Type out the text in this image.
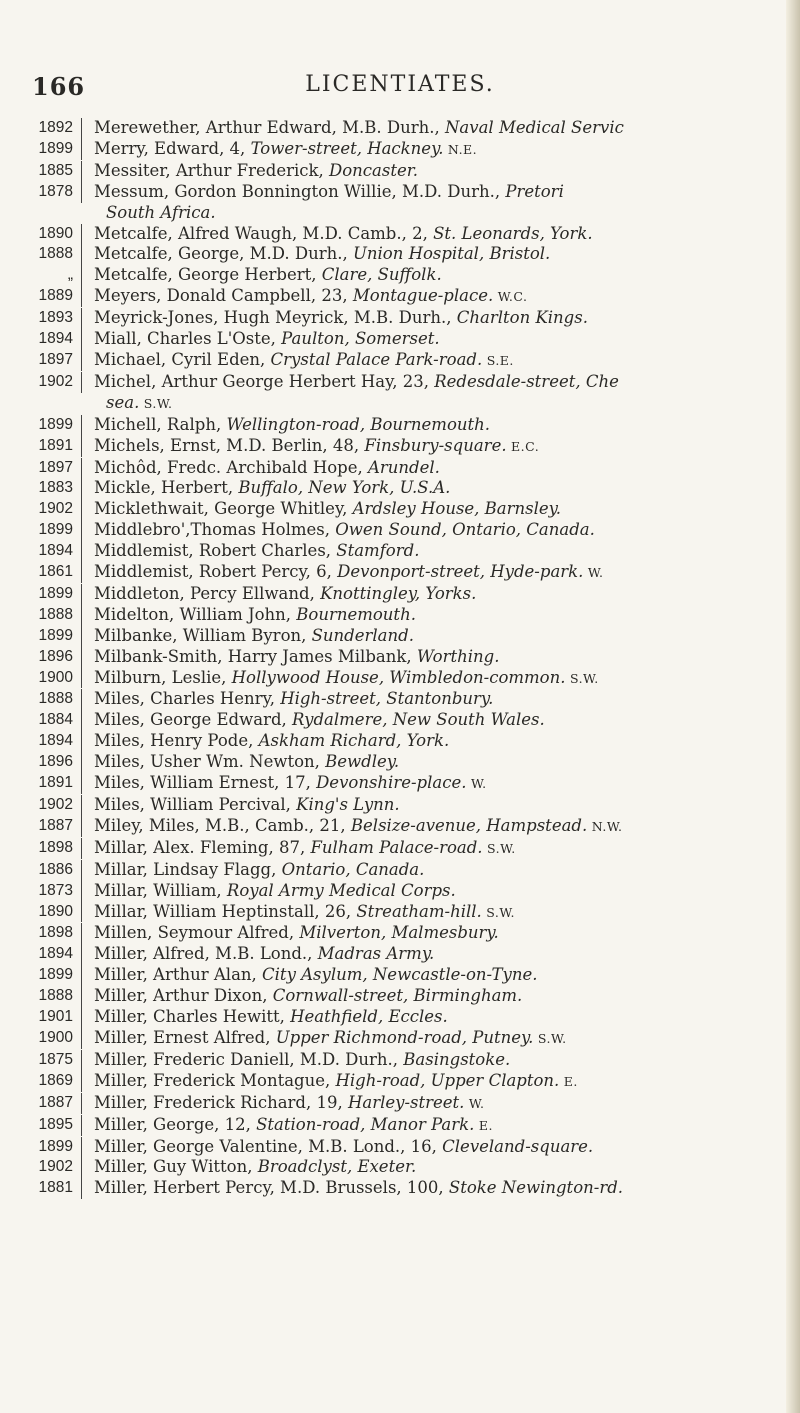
166	LICENTIATES.
1892	Merewether, Arthur Edward, M.B. Durh., Naval Medical Servic
1899	Merry, Edward, 4, Tower-street, Hackney. N.E.
1885	Messiter, Arthur Frederick, Doncaster.
1878	Messum, Gordon Bonnington Willie, M.D. Durh., Pretori
South Africa.
1890	Metcalfe, Alfred Waugh, M.D. Camb., 2, St. Leonards, York.
1888	Metcalfe, George, M.D. Durh., Union Hospital, Bristol.
„	Metcalfe, George Herbert, Clare, Suffolk.
1889	Meyers, Donald Campbell, 23, Montague-place. W.C.
1893	Meyrick-Jones, Hugh Meyrick, M.B. Durh., Charlton Kings.
1894	Miall, Charles L'Oste, Paulton, Somerset.
1897	Michael, Cyril Eden, Crystal Palace Park-road. S.E.
1902	Michel, Arthur George Herbert Hay, 23, Redesdale-street, Che
sea. S.W.
1899	Michell, Ralph, Wellington-road, Bournemouth.
1891	Michels, Ernst, M.D. Berlin, 48, Finsbury-square. E.C.
1897	Michôd, Fredc. Archibald Hope, Arundel.
1883	Mickle, Herbert, Buffalo, New York, U.S.A.
1902	Micklethwait, George Whitley, Ardsley House, Barnsley.
1899	Middlebro',Thomas Holmes, Owen Sound, Ontario, Canada.
1894	Middlemist, Robert Charles, Stamford.
1861	Middlemist, Robert Percy, 6, Devonport-street, Hyde-park. W.
1899	Middleton, Percy Ellwand, Knottingley, Yorks.
1888	Midelton, William John, Bournemouth.
1899	Milbanke, William Byron, Sunderland.
1896	Milbank-Smith, Harry James Milbank, Worthing.
1900	Milburn, Leslie, Hollywood House, Wimbledon-common. S.W.
1888	Miles, Charles Henry, High-street, Stantonbury.
1884	Miles, George Edward, Rydalmere, New South Wales.
1894	Miles, Henry Pode, Askham Richard, York.
1896	Miles, Usher Wm. Newton, Bewdley.
1891	Miles, William Ernest, 17, Devonshire-place. W.
1902	Miles, William Percival, King's Lynn.
1887	Miley, Miles, M.B., Camb., 21, Belsize-avenue, Hampstead. N.W.
1898	Millar, Alex. Fleming, 87, Fulham Palace-road. S.W.
1886	Millar, Lindsay Flagg, Ontario, Canada.
1873	Millar, William, Royal Army Medical Corps.
1890	Millar, William Heptinstall, 26, Streatham-hill. S.W.
1898	Millen, Seymour Alfred, Milverton, Malmesbury.
1894	Miller, Alfred, M.B. Lond., Madras Army.
1899	Miller, Arthur Alan, City Asylum, Newcastle-on-Tyne.
1888	Miller, Arthur Dixon, Cornwall-street, Birmingham.
1901	Miller, Charles Hewitt, Heathfield, Eccles.
1900	Miller, Ernest Alfred, Upper Richmond-road, Putney. S.W.
1875	Miller, Frederic Daniell, M.D. Durh., Basingstoke.
1869	Miller, Frederick Montague, High-road, Upper Clapton. E.
1887	Miller, Frederick Richard, 19, Harley-street. W.
1895	Miller, George, 12, Station-road, Manor Park. E.
1899	Miller, George Valentine, M.B. Lond., 16, Cleveland-square.
1902	Miller, Guy Witton, Broadclyst, Exeter.
1881	Miller, Herbert Percy, M.D. Brussels, 100, Stoke Newington-rd.
